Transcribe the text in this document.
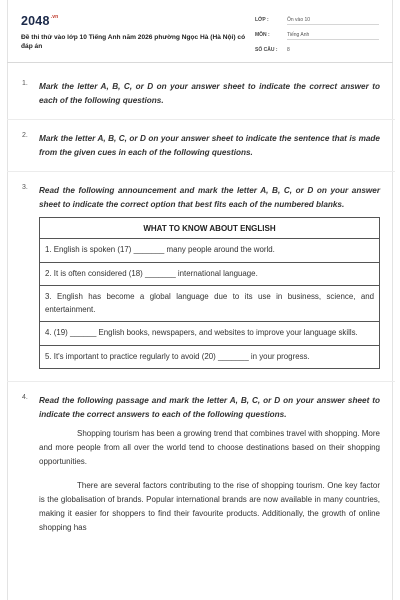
$2048^{.vn}$
Đề thi thử vào lớp 10 Tiếng Anh năm 2026 phường Ngọc Hà (Hà Nội) có đáp án
LỚP :	Ôn vào 10
MÔN :	Tiếng Anh
SỐ CÂU : 8
1. Mark the letter A, B, C, or D on your answer sheet to indicate the correct answer to each of the following questions.

2. Mark the letter A, B, C, or D on your answer sheet to indicate the sentence that is made from the given cues in each of the following questions.

3. Read the following announcement and mark the letter A, B, C, or D on your answer sheet to indicate the correct option that best fits each of the numbered blanks.

WHAT TO KNOW ABOUT ENGLISH
1. English is spoken (17) _______ many people around the world.
2. It is often considered (18) _______ international language.
3. English has become a global language due to its use in business, science, and entertainment.
4. (19) ______ English books, newspapers, and websites to improve your language skills.
5. It's important to practice regularly to avoid (20) _______ in your progress.
4. Read the following passage and mark the letter A, B, C, or D on your answer sheet to indicate the correct answers to each of the following questions.

Shopping tourism has been a growing trend that combines travel with shopping. More and more people from all over the world tend to choose destinations based on their shopping opportunities.

There are several factors contributing to the rise of shopping tourism. One key factor is the globalisation of brands. Popular international brands are now available in many countries, making it easier for shoppers to find their favourite products. Additionally, the growth of online shopping has
